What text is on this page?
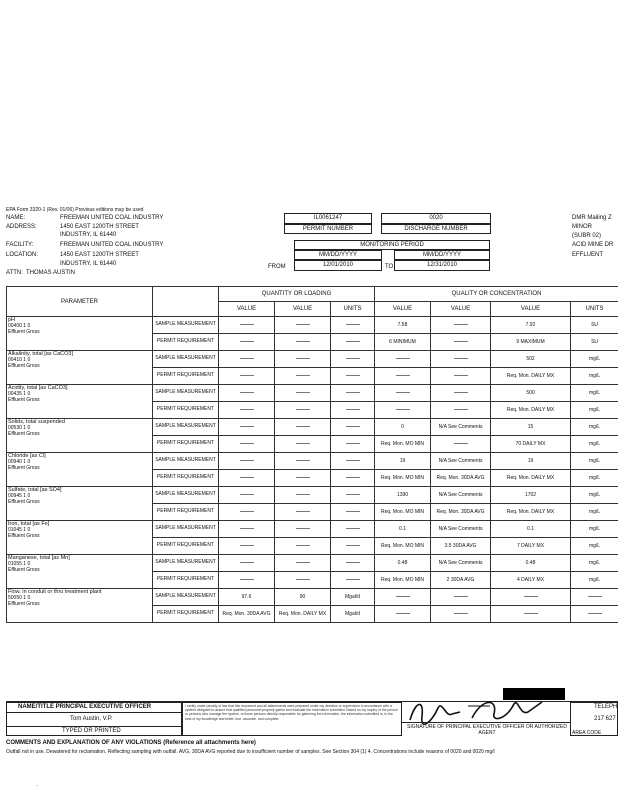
EPA Form 3320-1 (Rev. 01/06) Previous editions may be used
NAME:	FREEMAN UNITED COAL INDUSTRY
ADDRESS:	1450 EAST 1200TH STREET
INDUSTRY, IL 61440
FACILITY:	FREEMAN UNITED COAL INDUSTRY
LOCATION:	1450 EAST 1200TH STREET
INDUSTRY, IL 61440
ATTN: THOMAS AUSTIN
IL0061247
PERMIT NUMBER
0020
DISCHARGE NUMBER
MONITORING PERIOD
MM/DD/YYYY	MM/DD/YYYY
FROM	12/01/2010	TO	12/31/2010
DMR Mailing Z
MINOR
(SUBR 02)
ACID MINE DR
EFFLUENT
PARAMETER		QUANTITY OR LOADING			QUALITY OR CONCENTRATION			
		VALUE	VALUE	UNITS	VALUE	VALUE	VALUE	UNITS

pH
00400 1 0
Effluent Gross	SAMPLE MEASUREMENT				7.58		7.92	SU
	PERMIT REQUIREMENT				6 MINIMUM		9 MAXIMUM	SU

Alkalinity, total [as CaCO3]
00410 1 0
Effluent Gross	SAMPLE MEASUREMENT						502	mg/L
	PERMIT REQUIREMENT						Req. Mon. DAILY MX	mg/L

Acidity, total [as CaCO3]
00435 1 0
Effluent Gross	SAMPLE MEASUREMENT						500	mg/L
	PERMIT REQUIREMENT						Req. Mon. DAILY MX	mg/L

Solids, total suspended
00530 1 0
Effluent Gross	SAMPLE MEASUREMENT				0	N/A See Comments	15	mg/L
	PERMIT REQUIREMENT				Req. Mon. MO MIN		70 DAILY MX	mg/L

Chloride [as Cl]
00940 1 0
Effluent Gross	SAMPLE MEASUREMENT				19	N/A See Comments	19	mg/L
	PERMIT REQUIREMENT				Req. Mon. MO MIN	Req. Mon. 30DA AVG	Req. Mon. DAILY MX	mg/L

Sulfate, total [as SO4]
00945 1 0
Effluent Gross	SAMPLE MEASUREMENT				1390	N/A See Comments	1702	mg/L
	PERMIT REQUIREMENT				Req. Mon. MO MIN	Req. Mon. 30DA AVG	Req. Mon. DAILY MX	mg/L

Iron, total [as Fe]
01045 1 0
Effluent Gross	SAMPLE MEASUREMENT				0.1	N/A See Comments	0.1	mg/L
	PERMIT REQUIREMENT				Req. Mon. MO MIN	3.5 30DA AVG	7 DAILY MX	mg/L

Manganese, total [as Mn]
01055 1 0
Effluent Gross	SAMPLE MEASUREMENT				0.48	N/A See Comments	0.48	mg/L
	PERMIT REQUIREMENT				Req. Mon. MO MIN	2 30DA AVG	4 DAILY MX	mg/L

Flow, in conduit or thru treatment plant
50050 1 0
Effluent Gross	SAMPLE MEASUREMENT	97.6	90	Mgal/d				
	PERMIT REQUIREMENT	Req. Mon. 30DA AVG	Req. Mon. DAILY MX	Mgal/d				
NAME/TITLE PRINCIPAL EXECUTIVE OFFICER
Tom Austin, V.P.
TYPED OR PRINTED
I certify under penalty of law that this document and all attachments were prepared under my direction or supervision in accordance with a system designed to assure that qualified personnel properly gather and evaluate the information submitted. Based on my inquiry of the person or persons who manage the system, or those persons directly responsible for gathering the information, the information submitted is, to the best of my knowledge and belief, true, accurate, and complete.
SIGNATURE OF PRINCIPAL EXECUTIVE OFFICER OR AUTHORIZED AGENT
TELEPH
217 627
AREA CODE
COMMENTS AND EXPLANATION OF ANY VIOLATIONS (Reference all attachments here)
Outfall not in use. Dewatered for reclamation. Reflecting sampling with outfall. AVG, 30DA AVG reported due to insufficient number of samples. See Section 304 (1) 4. Concentrations include reasons of 0020 and 0020 mg/l
·
